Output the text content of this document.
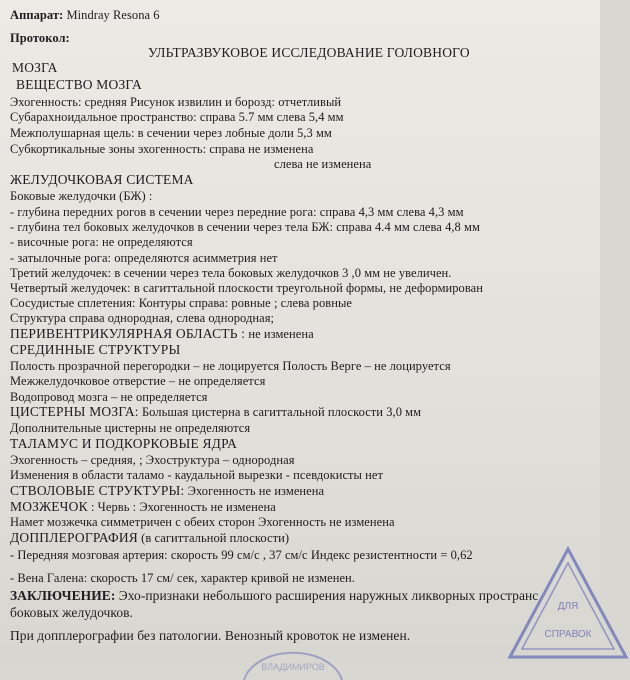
Аппарат: Mindray Resona 6
Протокол:
УЛЬТРАЗВУКОВОЕ ИССЛЕДОВАНИЕ ГОЛОВНОГО
МОЗГА
ВЕЩЕСТВО МОЗГА
Эхогенность: средняя Рисунок извилин и борозд: отчетливый
Субарахноидальное пространство: справа 5.7 мм слева 5,4 мм
Межполушарная щель: в сечении через лобные доли 5,3 мм
Субкортикальные зоны эхогенность: справа не изменена
слева не изменена
ЖЕЛУДОЧКОВАЯ СИСТЕМА
Боковые желудочки (БЖ) :
- глубина передних рогов в сечении через передние рога: справа 4,3 мм слева 4,3 мм
- глубина тел боковых желудочков в сечении через тела БЖ: справа 4.4 мм слева 4,8 мм
- височные рога: не определяются
- затылочные рога: определяются асимметрия нет
Третий желудочек: в сечении через тела боковых желудочков 3 ,0 мм не увеличен.
Четвертый желудочек: в сагиттальной плоскости треугольной формы, не деформирован
Сосудистые сплетения: Контуры справа: ровные ; слева ровные
Структура справа однородная, слева однородная;
ПЕРИВЕНТРИКУЛЯРНАЯ ОБЛАСТЬ : не изменена
СРЕДИННЫЕ СТРУКТУРЫ
Полость прозрачной перегородки – не лоцируется Полость Верге – не лоцируется
Межжелудочковое отверстие – не определяется
Водопровод мозга – не определяется
ЦИСТЕРНЫ МОЗГА: Большая цистерна в сагиттальной плоскости 3,0 мм
Дополнительные цистерны не определяются
ТАЛАМУС И ПОДКОРКОВЫЕ ЯДРА
Эхогенность – средняя, ; Эхоструктура – однородная
Изменения в области таламо - каудальной вырезки - псевдокисты нет
СТВОЛОВЫЕ СТРУКТУРЫ: Эхогенность не изменена
МОЗЖЕЧОК : Червь : Эхогенность не изменена
Намет мозжечка симметричен с обеих сторон Эхогенность не изменена
ДОППЛЕРОГРАФИЯ (в сагиттальной плоскости)
- Передняя мозговая артерия: скорость 99 см/с , 37 см/с Индекс резистентности = 0,62
- Вена Галена: скорость 17 см/ сек, характер кривой не изменен.
ЗАКЛЮЧЕНИЕ: Эхо-признаки небольшого расширения наружных ликворных пространс
боковых желудочков.
При допплерографии без патологии. Венозный кровоток не изменен.
ДЛЯ
СПРАВОК
ВЛАДИМИРОВ
